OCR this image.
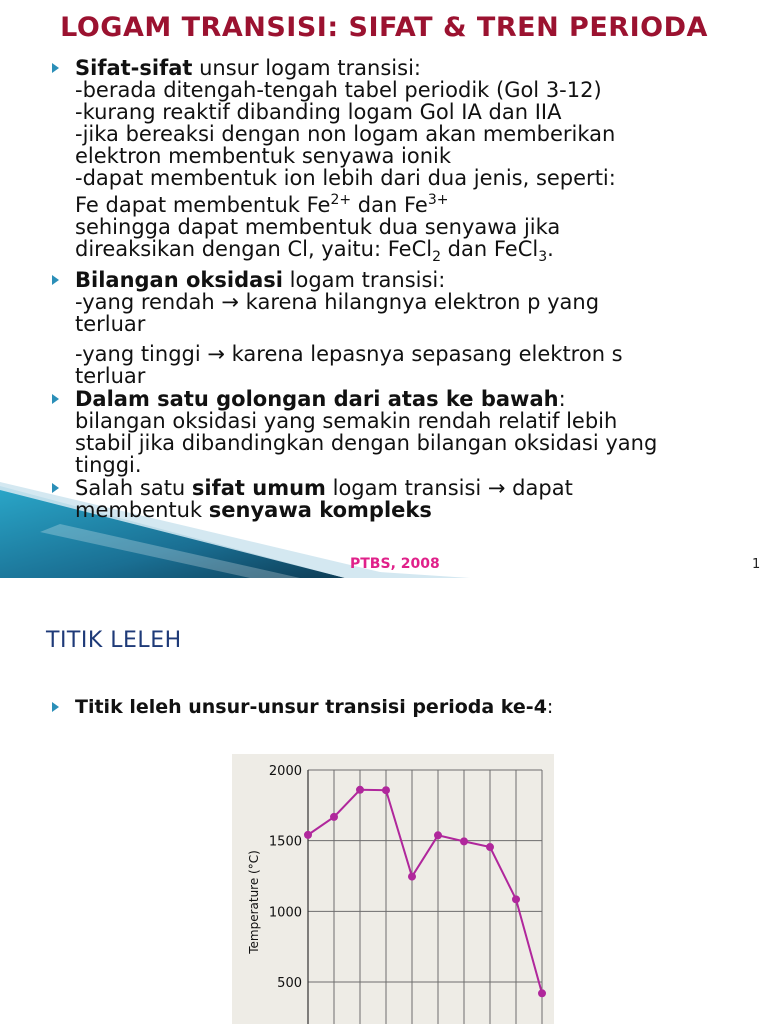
LOGAM TRANSISI: SIFAT & TREN PERIODA
Sifat-sifat unsur logam transisi:
-berada ditengah-tengah tabel periodik (Gol 3-12)
-kurang reaktif dibanding logam Gol IA dan IIA
-jika bereaksi dengan non logam akan memberikan
elektron membentuk senyawa ionik
-dapat membentuk ion lebih dari dua jenis, seperti:
Fe dapat membentuk $Fe^{2+}$ dan $Fe^{3+}$
sehingga dapat membentuk dua senyawa jika
direaksikan dengan Cl, yaitu: FeCl$_2$ dan FeCl$_3$.
Bilangan oksidasi logam transisi:
-yang rendah → karena hilangnya elektron p yang
terluar
-yang tinggi → karena lepasnya sepasang elektron s
terluar
Dalam satu golongan dari atas ke bawah:
bilangan oksidasi yang semakin rendah relatif lebih
stabil jika dibandingkan dengan bilangan oksidasi yang
tinggi.
Salah satu sifat umum logam transisi → dapat
membentuk senyawa kompleks
PTBS, 2008	1
TITIK LELEH
Titik leleh unsur-unsur transisi perioda ke-4:
2000
1500
1000
500
Temperature (°C)
